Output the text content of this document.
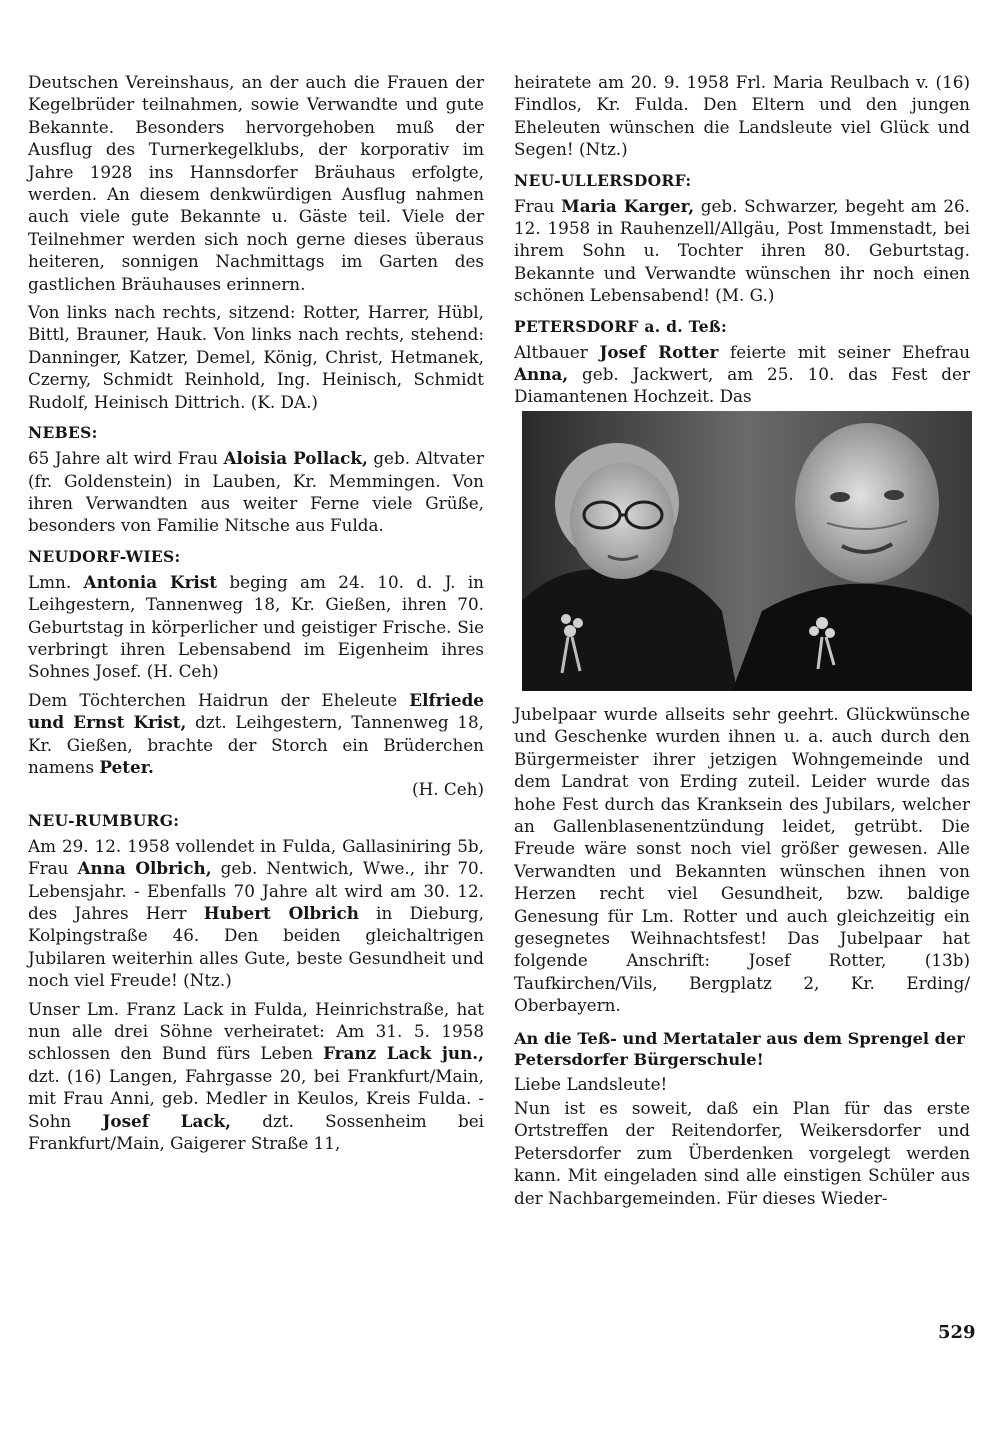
Deutschen Vereinshaus, an der auch die Frauen der Kegelbrüder teilnahmen, sowie Verwandte und gute Bekannte. Besonders hervorgehoben muß der Ausflug des Turnerkegelklubs, der korporativ im Jahre 1928 ins Hannsdorfer Bräuhaus erfolgte, werden. An diesem denkwürdigen Ausflug nahmen auch viele gute Bekannte u. Gäste teil. Viele der Teilnehmer werden sich noch gerne dieses überaus heiteren, sonnigen Nachmittags im Garten des gastlichen Bräuhauses erinnern.

Von links nach rechts, sitzend: Rotter, Harrer, Hübl, Bittl, Brauner, Hauk. Von links nach rechts, stehend: Danninger, Katzer, Demel, König, Christ, Hetmanek, Czerny, Schmidt Reinhold, Ing. Heinisch, Schmidt Rudolf, Heinisch Dittrich. (K. DA.)

NEBES:

65 Jahre alt wird Frau Aloisia Pollack, geb. Altvater (fr. Goldenstein) in Lauben, Kr. Memmingen. Von ihren Verwandten aus weiter Ferne viele Grüße, besonders von Familie Nitsche aus Fulda.

NEUDORF-WIES:

Lmn. Antonia Krist beging am 24. 10. d. J. in Leihgestern, Tannenweg 18, Kr. Gießen, ihren 70. Geburtstag in körperlicher und geistiger Frische. Sie verbringt ihren Lebensabend im Eigenheim ihres Sohnes Josef. (H. Ceh)

Dem Töchterchen Haidrun der Eheleute Elfriede und Ernst Krist, dzt. Leihgestern, Tannenweg 18, Kr. Gießen, brachte der Storch ein Brüderchen namens Peter.

(H. Ceh)

NEU-RUMBURG:

Am 29. 12. 1958 vollendet in Fulda, Gallasiniring 5b, Frau Anna Olbrich, geb. Nentwich, Wwe., ihr 70. Lebensjahr. - Ebenfalls 70 Jahre alt wird am 30. 12. des Jahres Herr Hubert Olbrich in Dieburg, Kolpingstraße 46. Den beiden gleichaltrigen Jubilaren weiterhin alles Gute, beste Gesundheit und noch viel Freude! (Ntz.)

Unser Lm. Franz Lack in Fulda, Heinrichstraße, hat nun alle drei Söhne verheiratet: Am 31. 5. 1958 schlossen den Bund fürs Leben Franz Lack jun., dzt. (16) Langen, Fahrgasse 20, bei Frankfurt/Main, mit Frau Anni, geb. Medler in Keulos, Kreis Fulda. - Sohn Josef Lack, dzt. Sossenheim bei Frankfurt/Main, Gaigerer Straße 11,

heiratete am 20. 9. 1958 Frl. Maria Reulbach v. (16) Findlos, Kr. Fulda. Den Eltern und den jungen Eheleuten wünschen die Landsleute viel Glück und Segen! (Ntz.)

NEU-ULLERSDORF:

Frau Maria Karger, geb. Schwarzer, begeht am 26. 12. 1958 in Rauhenzell/Allgäu, Post Immenstadt, bei ihrem Sohn u. Tochter ihren 80. Geburtstag. Bekannte und Verwandte wünschen ihr noch einen schönen Lebensabend! (M. G.)

PETERSDORF a. d. Teß:

Altbauer Josef Rotter feierte mit seiner Ehefrau Anna, geb. Jackwert, am 25. 10. das Fest der Diamantenen Hochzeit. Das

Jubelpaar wurde allseits sehr geehrt. Glückwünsche und Geschenke wurden ihnen u. a. auch durch den Bürgermeister ihrer jetzigen Wohngemeinde und dem Landrat von Erding zuteil. Leider wurde das hohe Fest durch das Kranksein des Jubilars, welcher an Gallenblasenentzündung leidet, getrübt. Die Freude wäre sonst noch viel größer gewesen. Alle Verwandten und Bekannten wünschen ihnen von Herzen recht viel Gesundheit, bzw. baldige Genesung für Lm. Rotter und auch gleichzeitig ein gesegnetes Weihnachtsfest! Das Jubelpaar hat folgende Anschrift: Josef Rotter, (13b) Taufkirchen/Vils, Bergplatz 2, Kr. Erding/ Oberbayern.

An die Teß- und Mertataler aus dem Sprengel der Petersdorfer Bürgerschule!

Liebe Landsleute!

Nun ist es soweit, daß ein Plan für das erste Ortstreffen der Reitendorfer, Weikersdorfer und Petersdorfer zum Überdenken vorgelegt werden kann. Mit eingeladen sind alle einstigen Schüler aus der Nachbargemeinden. Für dieses Wieder-

529
